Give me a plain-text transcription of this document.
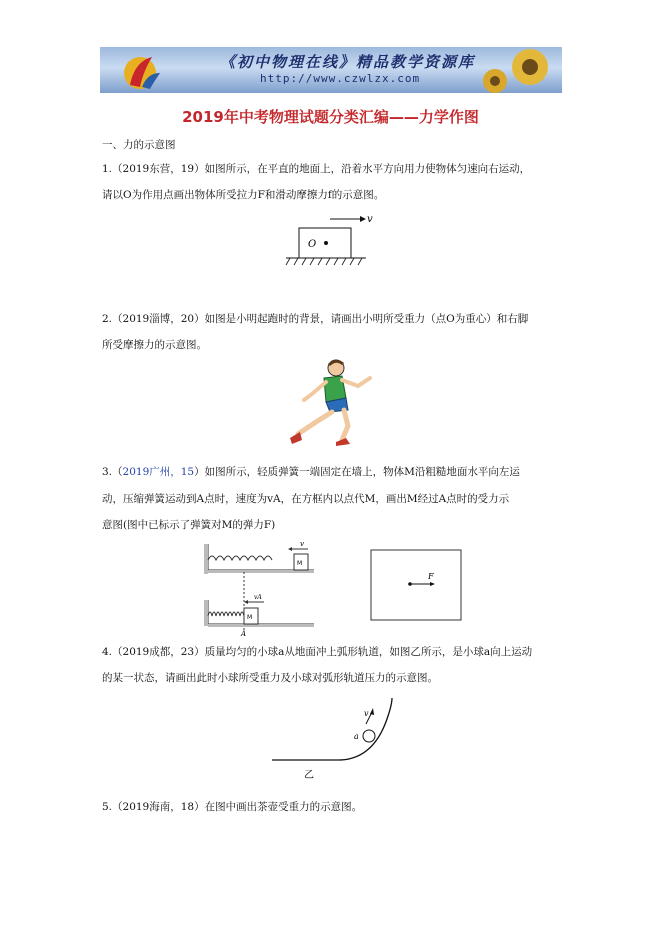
《初中物理在线》精品教学资源库
http://www.czwlzx.com
2019年中考物理试题分类汇编——力学作图
一、力的示意图
1.（2019东营，19）如图所示，在平直的地面上，沿着水平方向用力使物体匀速向右运动，
请以O为作用点画出物体所受拉力F和滑动摩擦力f的示意图。
O
v
2.（2019淄博，20）如图是小明起跑时的背景，请画出小明所受重力（点O为重心）和右脚
所受摩擦力的示意图。
3.（2019广州，15）如图所示，轻质弹簧一端固定在墙上，物体M沿粗糙地面水平向左运
动，压缩弹簧运动到A点时，速度为vA，在方框内以点代M，画出M经过A点时的受力示
意图(图中已标示了弹簧对M的弹力F)
M
v
M
vA
A
F
4.（2019成都，23）质量均匀的小球a从地面冲上弧形轨道，如图乙所示，是小球a向上运动
的某一状态，请画出此时小球所受重力及小球对弧形轨道压力的示意图。
v
a
乙
5.（2019海南，18）在图中画出茶壶受重力的示意图。
